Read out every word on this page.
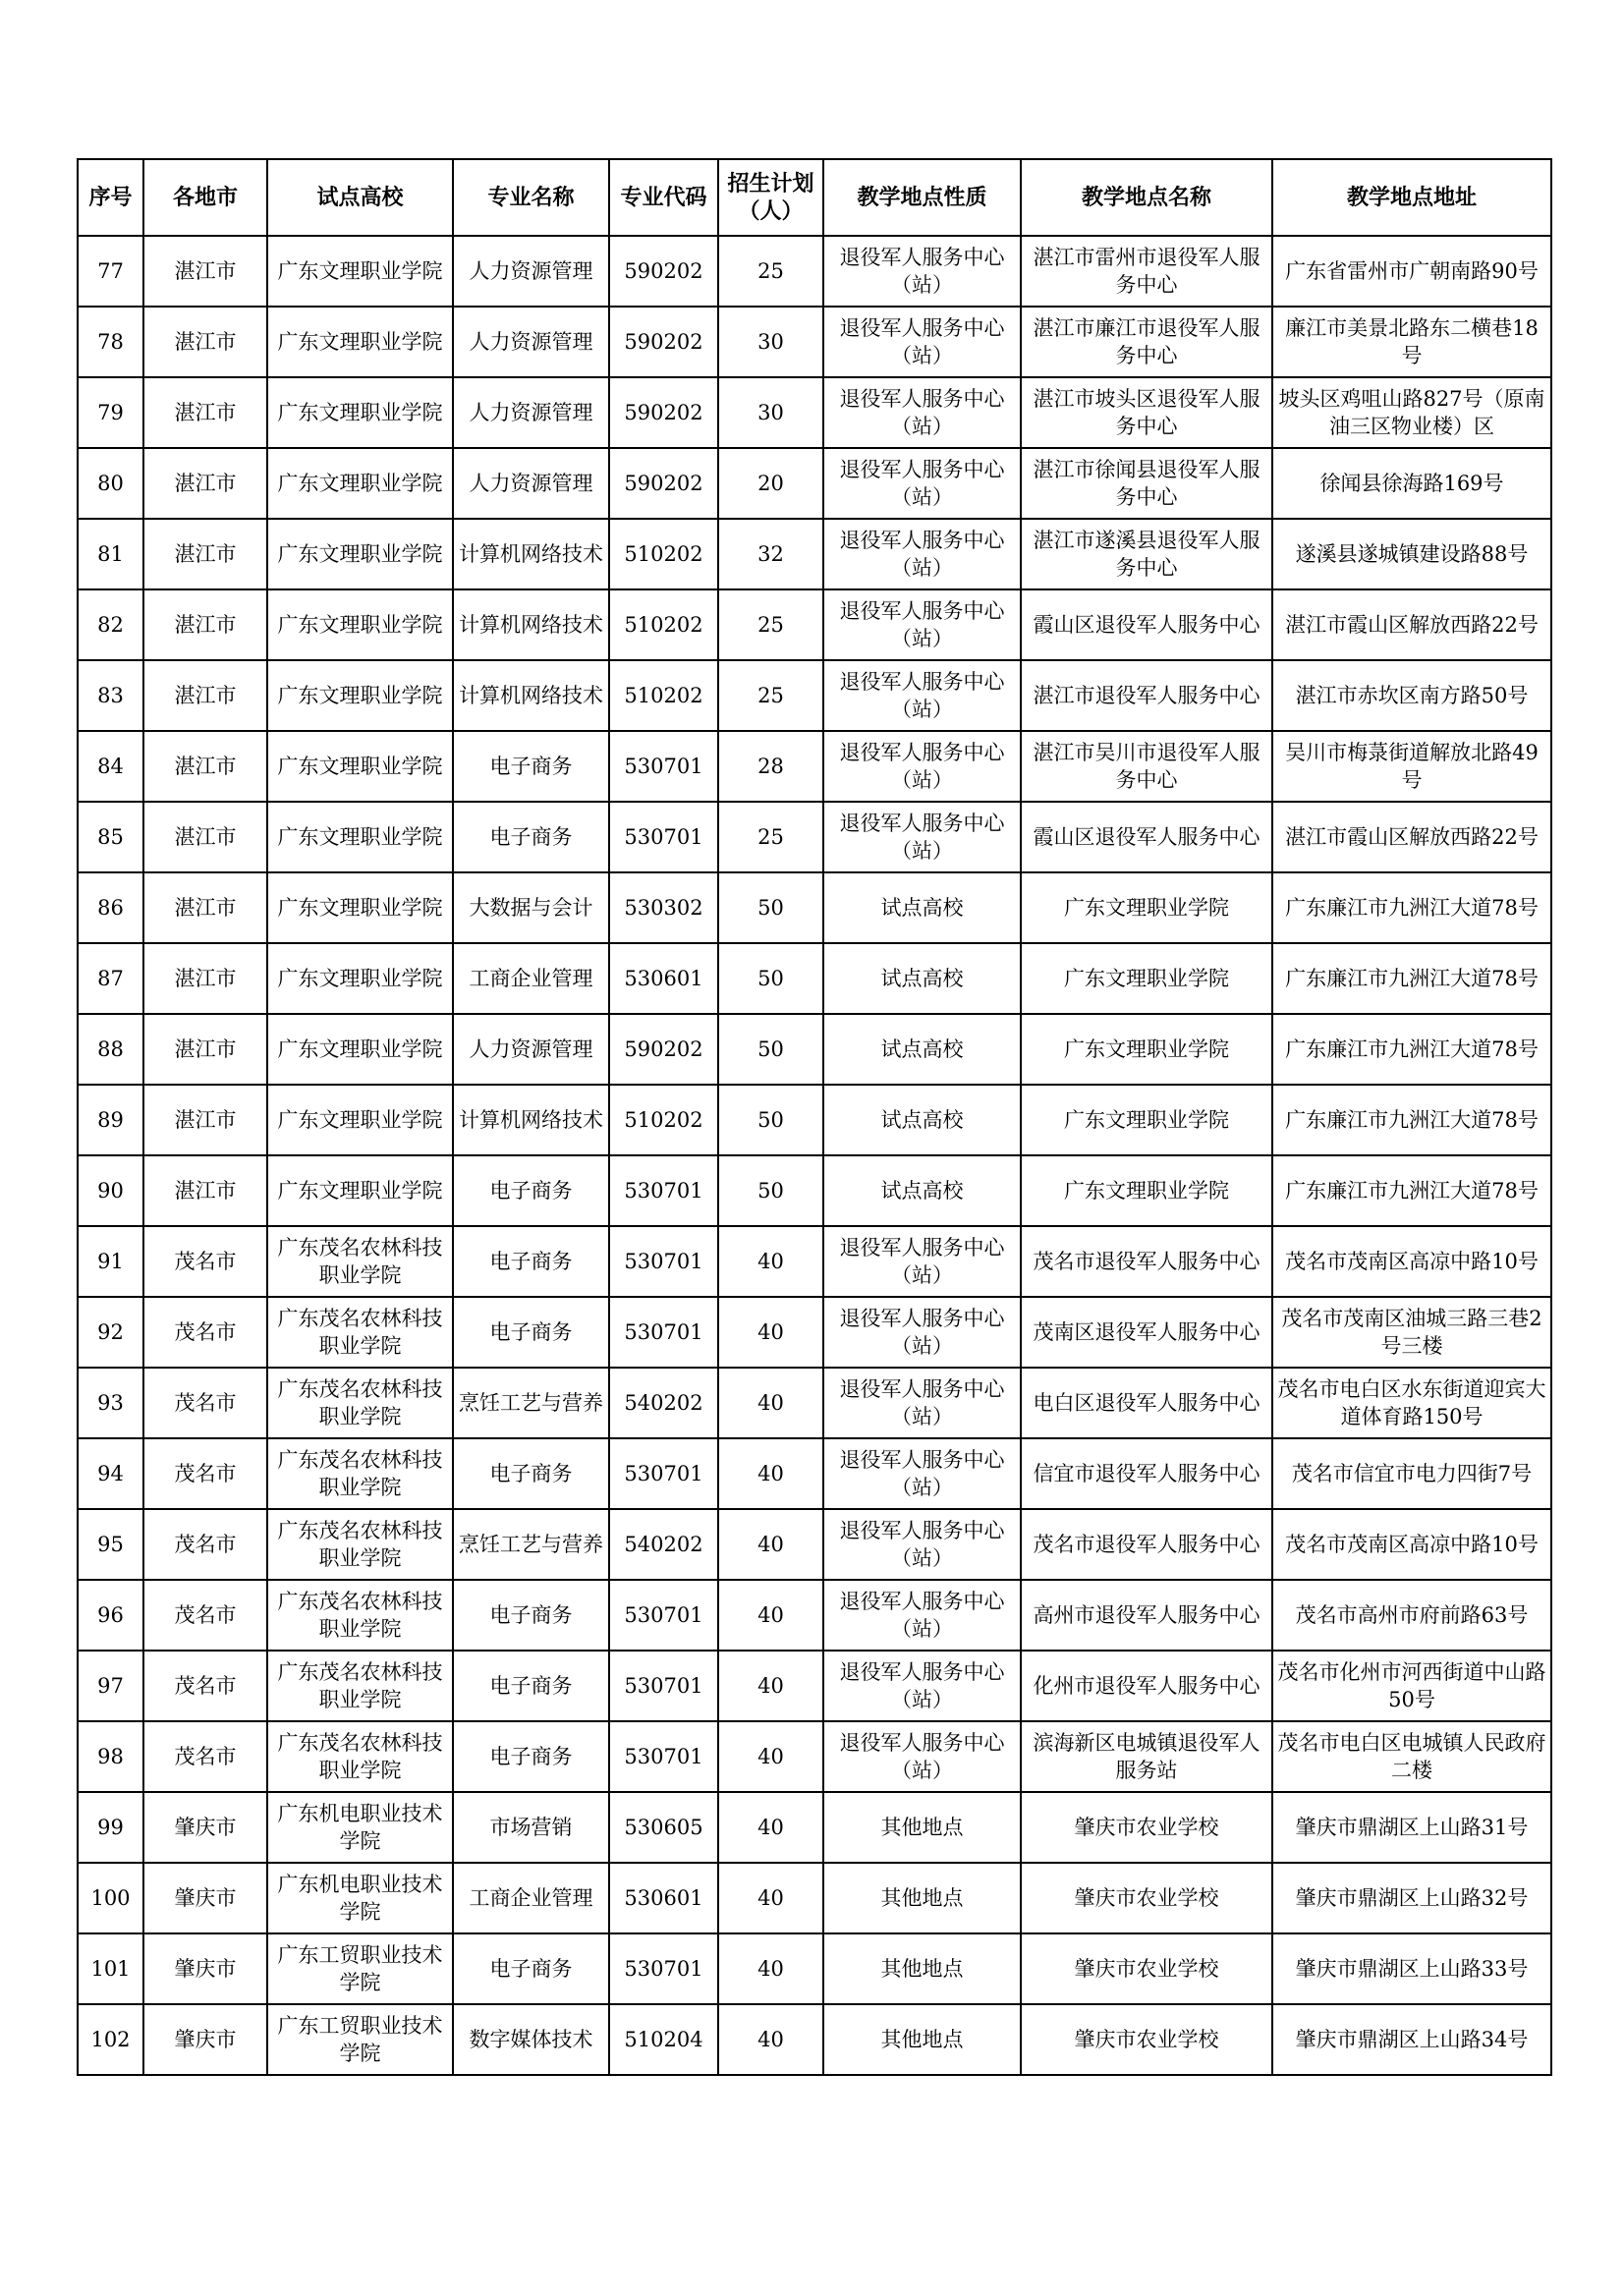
序号	各地市	试点高校	专业名称	专业代码	招生计划（人）	教学地点性质	教学地点名称	教学地点地址
77	湛江市	广东文理职业学院	人力资源管理	590202	25	退役军人服务中心（站）	湛江市雷州市退役军人服务中心	广东省雷州市广朝南路90号
78	湛江市	广东文理职业学院	人力资源管理	590202	30	退役军人服务中心（站）	湛江市廉江市退役军人服务中心	廉江市美景北路东二横巷18号
79	湛江市	广东文理职业学院	人力资源管理	590202	30	退役军人服务中心（站）	湛江市坡头区退役军人服务中心	坡头区鸡咀山路827号（原南油三区物业楼）区
80	湛江市	广东文理职业学院	人力资源管理	590202	20	退役军人服务中心（站）	湛江市徐闻县退役军人服务中心	徐闻县徐海路169号
81	湛江市	广东文理职业学院	计算机网络技术	510202	32	退役军人服务中心（站）	湛江市遂溪县退役军人服务中心	遂溪县遂城镇建设路88号
82	湛江市	广东文理职业学院	计算机网络技术	510202	25	退役军人服务中心（站）	霞山区退役军人服务中心	湛江市霞山区解放西路22号
83	湛江市	广东文理职业学院	计算机网络技术	510202	25	退役军人服务中心（站）	湛江市退役军人服务中心	湛江市赤坎区南方路50号
84	湛江市	广东文理职业学院	电子商务	530701	28	退役军人服务中心（站）	湛江市吴川市退役军人服务中心	吴川市梅菉街道解放北路49号
85	湛江市	广东文理职业学院	电子商务	530701	25	退役军人服务中心（站）	霞山区退役军人服务中心	湛江市霞山区解放西路22号
86	湛江市	广东文理职业学院	大数据与会计	530302	50	试点高校	广东文理职业学院	广东廉江市九洲江大道78号
87	湛江市	广东文理职业学院	工商企业管理	530601	50	试点高校	广东文理职业学院	广东廉江市九洲江大道78号
88	湛江市	广东文理职业学院	人力资源管理	590202	50	试点高校	广东文理职业学院	广东廉江市九洲江大道78号
89	湛江市	广东文理职业学院	计算机网络技术	510202	50	试点高校	广东文理职业学院	广东廉江市九洲江大道78号
90	湛江市	广东文理职业学院	电子商务	530701	50	试点高校	广东文理职业学院	广东廉江市九洲江大道78号
91	茂名市	广东茂名农林科技职业学院	电子商务	530701	40	退役军人服务中心（站）	茂名市退役军人服务中心	茂名市茂南区高凉中路10号
92	茂名市	广东茂名农林科技职业学院	电子商务	530701	40	退役军人服务中心（站）	茂南区退役军人服务中心	茂名市茂南区油城三路三巷2号三楼
93	茂名市	广东茂名农林科技职业学院	烹饪工艺与营养	540202	40	退役军人服务中心（站）	电白区退役军人服务中心	茂名市电白区水东街道迎宾大道体育路150号
94	茂名市	广东茂名农林科技职业学院	电子商务	530701	40	退役军人服务中心（站）	信宜市退役军人服务中心	茂名市信宜市电力四街7号
95	茂名市	广东茂名农林科技职业学院	烹饪工艺与营养	540202	40	退役军人服务中心（站）	茂名市退役军人服务中心	茂名市茂南区高凉中路10号
96	茂名市	广东茂名农林科技职业学院	电子商务	530701	40	退役军人服务中心（站）	高州市退役军人服务中心	茂名市高州市府前路63号
97	茂名市	广东茂名农林科技职业学院	电子商务	530701	40	退役军人服务中心（站）	化州市退役军人服务中心	茂名市化州市河西街道中山路50号
98	茂名市	广东茂名农林科技职业学院	电子商务	530701	40	退役军人服务中心（站）	滨海新区电城镇退役军人服务站	茂名市电白区电城镇人民政府二楼
99	肇庆市	广东机电职业技术学院	市场营销	530605	40	其他地点	肇庆市农业学校	肇庆市鼎湖区上山路31号
100	肇庆市	广东机电职业技术学院	工商企业管理	530601	40	其他地点	肇庆市农业学校	肇庆市鼎湖区上山路32号
101	肇庆市	广东工贸职业技术学院	电子商务	530701	40	其他地点	肇庆市农业学校	肇庆市鼎湖区上山路33号
102	肇庆市	广东工贸职业技术学院	数字媒体技术	510204	40	其他地点	肇庆市农业学校	肇庆市鼎湖区上山路34号
